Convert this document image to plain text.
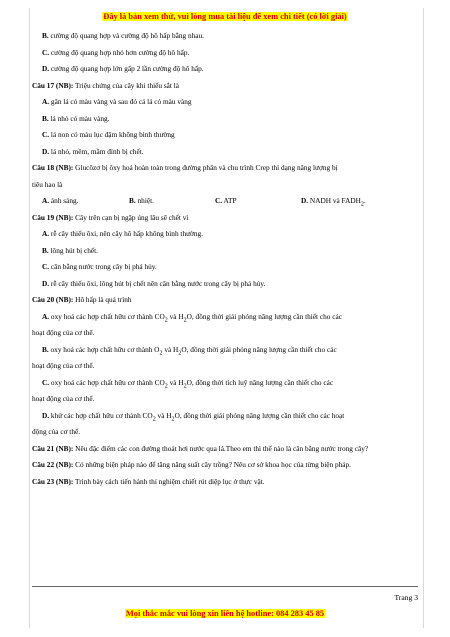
Đây là bản xem thử, vui lòng mua tài liệu để xem chi tiết (có lời giải)
B. cường độ quang hợp và cường độ hô hấp bằng nhau.
C. cường độ quang hợp nhỏ hơn cường độ hô hấp.
D. cường độ quang hợp lớn gấp 2 lần cường độ hô hấp.
Câu 17 (NB): Triệu chứng của cây khi thiếu sắt là
A. gân lá có màu vàng và sau đó cả lá có màu vàng
B. lá nhỏ có màu vàng.
C. lá non có màu lục đậm không bình thường
D. lá nhỏ, mềm, mầm đỉnh bị chết.
Câu 18 (NB): Glucôzơ bị ôxy hoá hoàn toàn trong đường phân và chu trình Crep thì dạng năng lượng bị
tiêu hao là
A. ánh sáng.	B. nhiệt.	C. ATP	D. NADH và $FADH_2$.
Câu 19 (NB): Cây trên cạn bị ngập úng lâu sẽ chết vì
A. rễ cây thiếu ôxi, nên cây hô hấp không bình thường.
B. lông hút bị chết.
C. cân bằng nước trong cây bị phá hủy.
D. rễ cây thiếu ôxi, lông hút bị chết nên cân bằng nước trong cây bị phá hủy.
Câu 20 (NB): Hô hấp là quá trình
A. oxy hoá các hợp chất hữu cơ thành $CO_2$ và $H_2O$, đồng thời giải phóng năng lượng cần thiết cho các
hoạt động của cơ thể.
B. oxy hoá các hợp chất hữu cơ thành $O_2$ và $H_2O$, đồng thời giải phóng năng lượng cần thiết cho các
hoạt động của cơ thể.
C. oxy hoá các hợp chất hữu cơ thành $CO_2$ và $H_2O$, đồng thời tích luỹ năng lượng cần thiết cho các
hoạt động của cơ thể.
D. khử các hợp chất hữu cơ thành $CO_2$ và $H_2O$, đồng thời giải phóng năng lượng cần thiết cho các hoạt
động của cơ thể.
Câu 21 (NB): Nêu đặc điểm các con đường thoát hơi nước qua lá.Theo em thì thể nào là cân bằng nước trong cây?
Câu 22 (NB): Có những biện pháp nào để tăng năng suất cây trồng? Nêu cơ sở khoa học của từng biện pháp.
Câu 23 (NB): Trình bày cách tiến hành thí nghiệm chiết rút diệp lục ở thực vật.
Trang 3
Mọi thắc mắc vui lòng xin liên hệ hotline: 084 283 45 85
